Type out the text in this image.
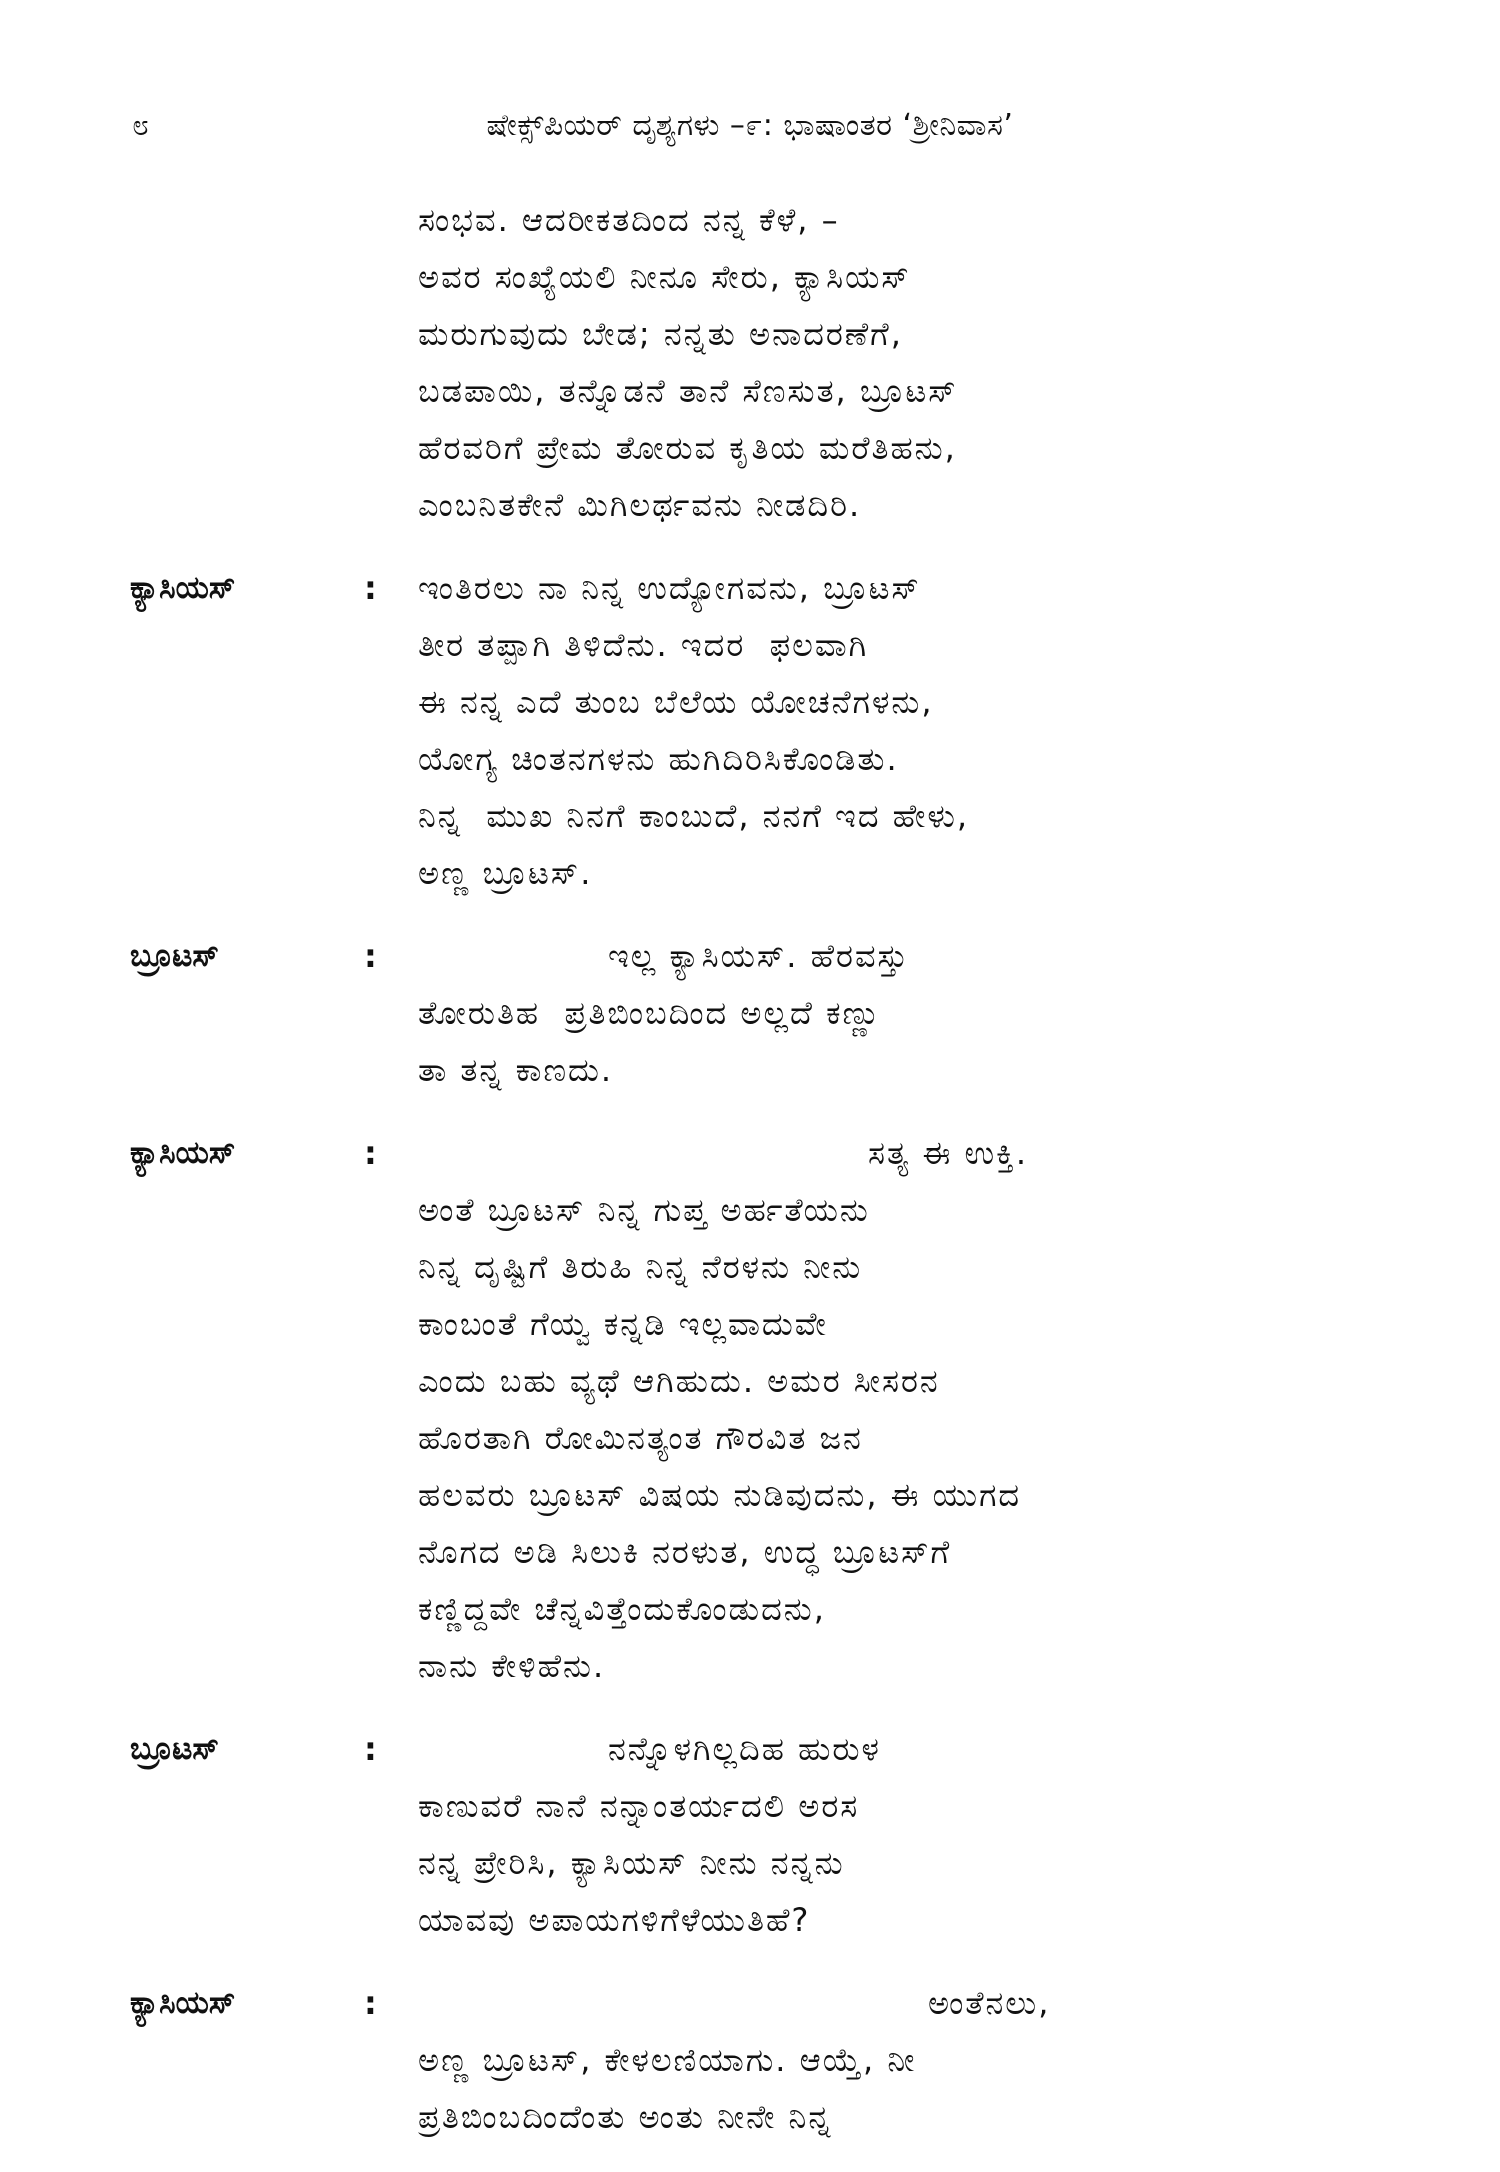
೮	ಷೇಕ್ಸ್‌ಪಿಯರ್ ದೃಶ್ಯಗಳು –೯: ಭಾಷಾಂತರ ‘ಶ್ರೀನಿವಾಸ’
ಸಂಭವ. ಆದರೀಕತದಿಂದ ನನ್ನ ಕೆಳೆ, –
ಅವರ ಸಂಖ್ಯೆಯಲಿ ನೀನೂ ಸೇರು, ಕ್ಯಾಸಿಯಸ್
ಮರುಗುವುದು ಬೇಡ; ನನ್ನತು ಅನಾದರಣೆಗೆ,
ಬಡಪಾಯಿ, ತನ್ನೊಡನೆ ತಾನೆ ಸೆಣಸುತ, ಬ್ರೂಟಸ್
ಹೆರವರಿಗೆ ಪ್ರೇಮ ತೋರುವ ಕೃತಿಯ ಮರೆತಿಹನು,
ಎಂಬನಿತಕೇನೆ ಮಿಗಿಲರ್ಥವನು ನೀಡದಿರಿ.
ಕ್ಯಾಸಿಯಸ್	: ಇಂತಿರಲು ನಾ ನಿನ್ನ ಉದ್ಯೋಗವನು, ಬ್ರೂಟಸ್
ತೀರ ತಪ್ಪಾಗಿ ತಿಳಿದೆನು. ಇದರ  ಫಲವಾಗಿ
ಈ ನನ್ನ ಎದೆ ತುಂಬ ಬೆಲೆಯ ಯೋಚನೆಗಳನು,
ಯೋಗ್ಯ ಚಿಂತನಗಳನು ಹುಗಿದಿರಿಸಿಕೊಂಡಿತು.
ನಿನ್ನ  ಮುಖ ನಿನಗೆ ಕಾಂಬುದೆ, ನನಗೆ ಇದ ಹೇಳು,
ಅಣ್ಣ ಬ್ರೂಟಸ್.
ಬ್ರೂಟಸ್	:	ಇಲ್ಲ ಕ್ಯಾಸಿಯಸ್. ಹೆರವಸ್ತು
ತೋರುತಿಹ  ಪ್ರತಿಬಿಂಬದಿಂದ ಅಲ್ಲದೆ ಕಣ್ಣು
ತಾ ತನ್ನ ಕಾಣದು.
ಕ್ಯಾಸಿಯಸ್	:	ಸತ್ಯ ಈ ಉಕ್ತಿ.
ಅಂತೆ ಬ್ರೂಟಸ್ ನಿನ್ನ ಗುಪ್ತ ಅರ್ಹತೆಯನು
ನಿನ್ನ ದೃಷ್ಟಿಗೆ ತಿರುಹಿ ನಿನ್ನ ನೆರಳನು ನೀನು
ಕಾಂಬಂತೆ ಗೆಯ್ವ ಕನ್ನಡಿ ಇಲ್ಲವಾದುವೇ
ಎಂದು ಬಹು ವ್ಯಥೆ ಆಗಿಹುದು. ಅಮರ ಸೀಸರನ
ಹೊರತಾಗಿ ರೋಮಿನತ್ಯಂತ ಗೌರವಿತ ಜನ
ಹಲವರು ಬ್ರೂಟಸ್ ವಿಷಯ ನುಡಿವುದನು, ಈ ಯುಗದ
ನೊಗದ ಅಡಿ ಸಿಲುಕಿ ನರಳುತ, ಉದ್ಧ ಬ್ರೂಟಸ್‌ಗೆ
ಕಣ್ಣಿದ್ದವೇ ಚೆನ್ನವಿತ್ತೆಂದುಕೊಂಡುದನು,
ನಾನು ಕೇಳಿಹೆನು.
ಬ್ರೂಟಸ್	:	ನನ್ನೊಳಗಿಲ್ಲದಿಹ ಹುರುಳ
ಕಾಣುವರೆ ನಾನೆ ನನ್ನಾಂತರ್ಯದಲಿ ಅರಸ
ನನ್ನ ಪ್ರೇರಿಸಿ, ಕ್ಯಾಸಿಯಸ್ ನೀನು ನನ್ನನು
ಯಾವವು ಅಪಾಯಗಳಿಗೆಳೆಯುತಿಹೆ?
ಕ್ಯಾಸಿಯಸ್	:	ಅಂತೆನಲು,
ಅಣ್ಣ ಬ್ರೂಟಸ್, ಕೇಳಲಣಿಯಾಗು. ಆಯ್ತೆ, ನೀ
ಪ್ರತಿಬಿಂಬದಿಂದೆಂತು ಅಂತು ನೀನೇ ನಿನ್ನ
